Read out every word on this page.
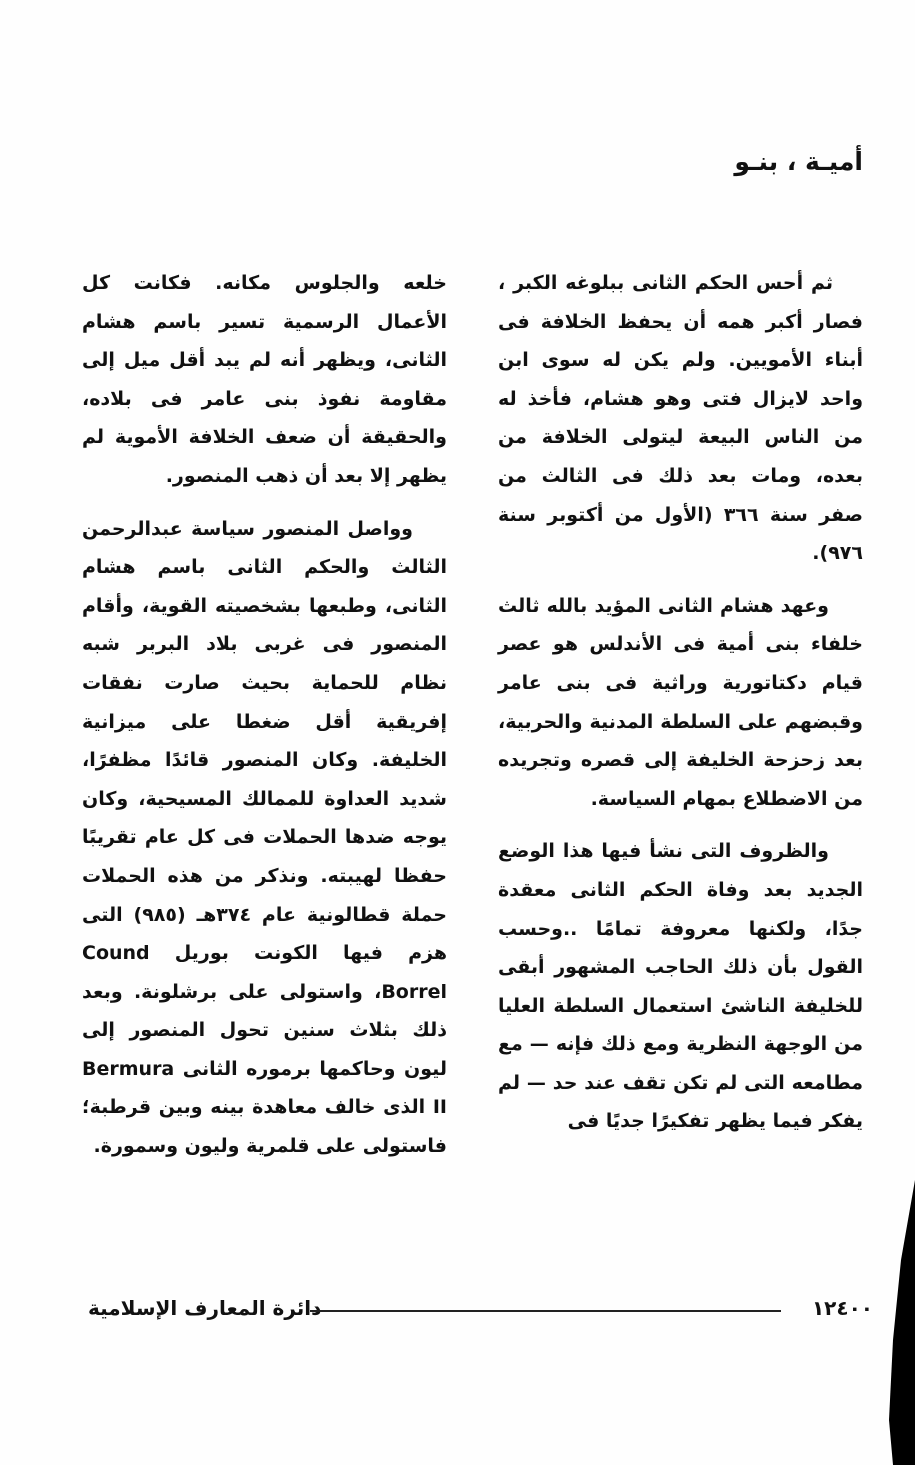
أميـة ، بنـو

ثم أحس الحكم الثانى ببلوغه الكبر ، فصار أكبر همه أن يحفظ الخلافة فى أبناء الأمويين. ولم يكن له سوى ابن واحد لايزال فتى وهو هشام، فأخذ له من الناس البيعة ليتولى الخلافة من بعده، ومات بعد ذلك فى الثالث من صفر سنة ٣٦٦ (الأول من أكتوبر سنة ٩٧٦).

وعهد هشام الثانى المؤيد بالله ثالث خلفاء بنى أمية فى الأندلس هو عصر قيام دكتاتورية وراثية فى بنى عامر وقبضهم على السلطة المدنية والحربية، بعد زحزحة الخليفة إلى قصره وتجريده من الاضطلاع بمهام السياسة.

والظروف التى نشأ فيها هذا الوضع الجديد بعد وفاة الحكم الثانى معقدة جدًا، ولكنها معروفة تمامًا ..وحسب القول بأن ذلك الحاجب المشهور أبقى للخليفة الناشئ استعمال السلطة العليا من الوجهة النظرية ومع ذلك فإنه — مع مطامعه التى لم تكن تقف عند حد — لم يفكر فيما يظهر تفكيرًا جديًا فى

خلعه والجلوس مكانه. فكانت كل الأعمال الرسمية تسير باسم هشام الثانى، ويظهر أنه لم يبد أقل ميل إلى مقاومة نفوذ بنى عامر فى بلاده، والحقيقة أن ضعف الخلافة الأموية لم يظهر إلا بعد أن ذهب المنصور.

وواصل المنصور سياسة عبدالرحمن الثالث والحكم الثانى باسم هشام الثانى، وطبعها بشخصيته القوية، وأقام المنصور فى غربى بلاد البربر شبه نظام للحماية بحيث صارت نفقات إفريقية أقل ضغطا على ميزانية الخليفة. وكان المنصور قائدًا مظفرًا، شديد العداوة للممالك المسيحية، وكان يوجه ضدها الحملات فى كل عام تقريبًا حفظا لهيبته. ونذكر من هذه الحملات حملة قطالونية عام ٣٧٤هـ (٩٨٥) التى هزم فيها الكونت بوريل Cound Borrel، واستولى على برشلونة. وبعد ذلك بثلاث سنين تحول المنصور إلى ليون وحاكمها برموره الثانى Bermura II الذى خالف معاهدة بينه وبين قرطبة؛ فاستولى على قلمرية وليون وسمورة.

دائرة المعارف الإسلامية	١٢٤٠٠
